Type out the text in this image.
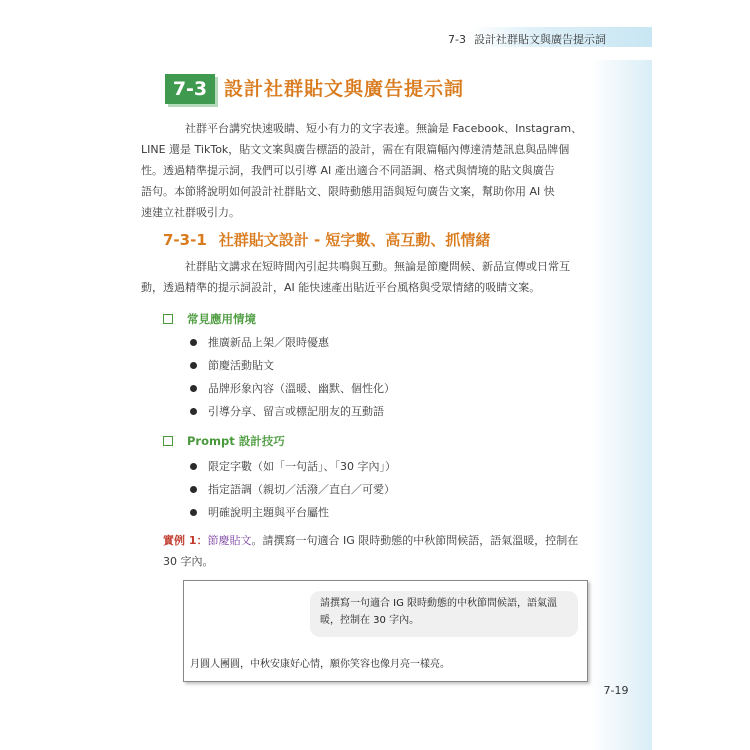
7-3 設計社群貼文與廣告提示詞
7-3 設計社群貼文與廣告提示詞

社群平台講究快速吸睛、短小有力的文字表達。無論是 Facebook、Instagram、
LINE 還是 TikTok，貼文文案與廣告標語的設計，需在有限篇幅內傳達清楚訊息與品牌個
性。透過精準提示詞，我們可以引導 AI 產出適合不同語調、格式與情境的貼文與廣告
語句。本節將說明如何設計社群貼文、限時動態用語與短句廣告文案，幫助你用 AI 快
速建立社群吸引力。

7-3-1 社群貼文設計 - 短字數、高互動、抓情緒

社群貼文講求在短時間內引起共鳴與互動。無論是節慶問候、新品宣傳或日常互
動，透過精準的提示詞設計，AI 能快速產出貼近平台風格與受眾情緒的吸睛文案。

常見應用情境
推廣新品上架／限時優惠
節慶活動貼文
品牌形象內容（溫暖、幽默、個性化）
引導分享、留言或標記朋友的互動語
Prompt 設計技巧
限定字數（如「一句話」、「30 字內」）
指定語調（親切／活潑／直白／可愛）
明確說明主題與平台屬性

實例 1：節慶貼文。請撰寫一句適合 IG 限時動態的中秋節問候語，語氣溫暖，控制在
30 字內。

請撰寫一句適合 IG 限時動態的中秋節問候語，語氣溫
暖，控制在 30 字內。
月圓人團圓，中秋安康好心情，願你笑容也像月亮一樣亮。
7-19
